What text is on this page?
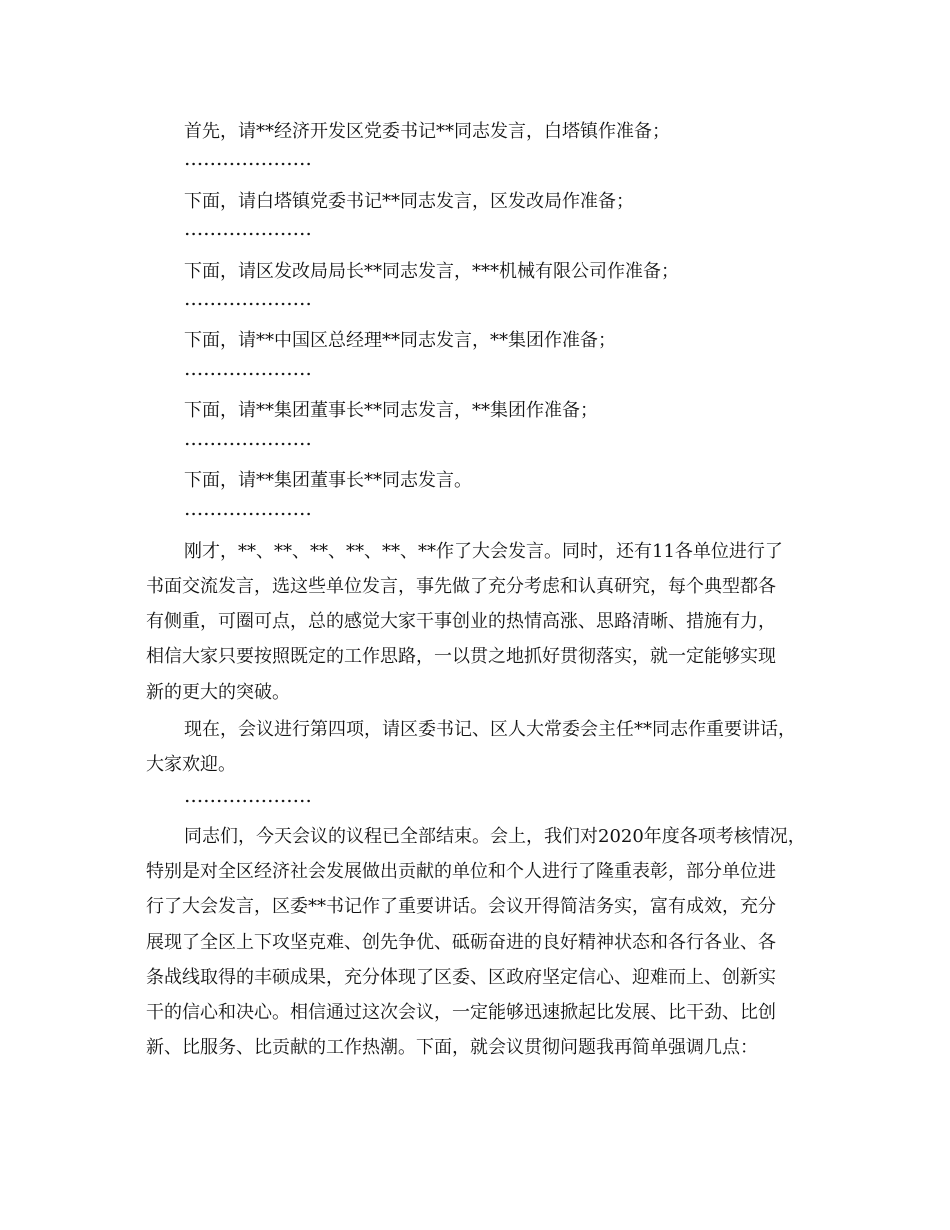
首先，请**经济开发区党委书记**同志发言，白塔镇作准备；
下面，请白塔镇党委书记**同志发言，区发改局作准备；
下面，请区发改局局长**同志发言，***机械有限公司作准备；
下面，请**中国区总经理**同志发言，**集团作准备；
下面，请**集团董事长**同志发言，**集团作准备；
下面，请**集团董事长**同志发言。
刚才，**、**、**、**、**、**作了大会发言。同时，还有11各单位进行了
书面交流发言，选这些单位发言，事先做了充分考虑和认真研究，每个典型都各
有侧重，可圈可点，总的感觉大家干事创业的热情高涨、思路清晰、措施有力，
相信大家只要按照既定的工作思路，一以贯之地抓好贯彻落实，就一定能够实现
新的更大的突破。
现在，会议进行第四项，请区委书记、区人大常委会主任**同志作重要讲话，
大家欢迎。
同志们，今天会议的议程已全部结束。会上，我们对2020年度各项考核情况，
特别是对全区经济社会发展做出贡献的单位和个人进行了隆重表彰，部分单位进
行了大会发言，区委**书记作了重要讲话。会议开得简洁务实，富有成效，充分
展现了全区上下攻坚克难、创先争优、砥砺奋进的良好精神状态和各行各业、各
条战线取得的丰硕成果，充分体现了区委、区政府坚定信心、迎难而上、创新实
干的信心和决心。相信通过这次会议，一定能够迅速掀起比发展、比干劲、比创
新、比服务、比贡献的工作热潮。下面，就会议贯彻问题我再简单强调几点：
